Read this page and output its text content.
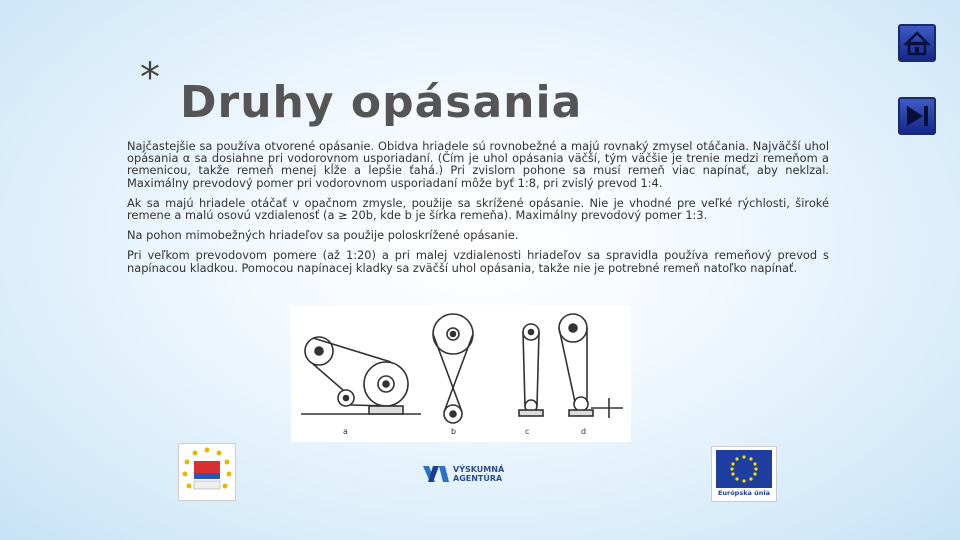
* Druhy opásania

Najčastejšie sa používa otvorené opásanie. Obidva hriadele sú rovnobežné a majú rovnaký zmysel otáčania. Najväčší uhol opásania α sa dosiahne pri vodorovnom usporiadaní. (Čím je uhol opásania väčší, tým väčšie je trenie medzi remeňom a remenicou, takže remeň menej kĺže a lepšie ťahá.) Pri zvislom pohone sa musí remeň viac napínať, aby neklzal. Maximálny prevodový pomer pri vodorovnom usporiadaní môže byť 1:8, pri zvislý prevod 1:4.

Ak sa majú hriadele otáčať v opačnom zmysle, použije sa skrížené opásanie. Nie je vhodné pre veľké rýchlosti, široké remene a malú osovú vzdialenosť (a ≥ 20b, kde b je šírka remeňa). Maximálny prevodový pomer 1:3.

Na pohon mimobežných hriadeľov sa použije poloskrížené opásanie.

Pri veľkom prevodovom pomere (až 1:20) a pri malej vzdialenosti hriadeľov sa spravidla používa remeňový prevod s napínacou kladkou. Pomocou napínacej kladky sa zväčší uhol opásania, takže nie je potrebné remeň natoľko napínať.

a	b	c	d
VÝSKUMNÁ
AGENTÚRA
Európska únia
